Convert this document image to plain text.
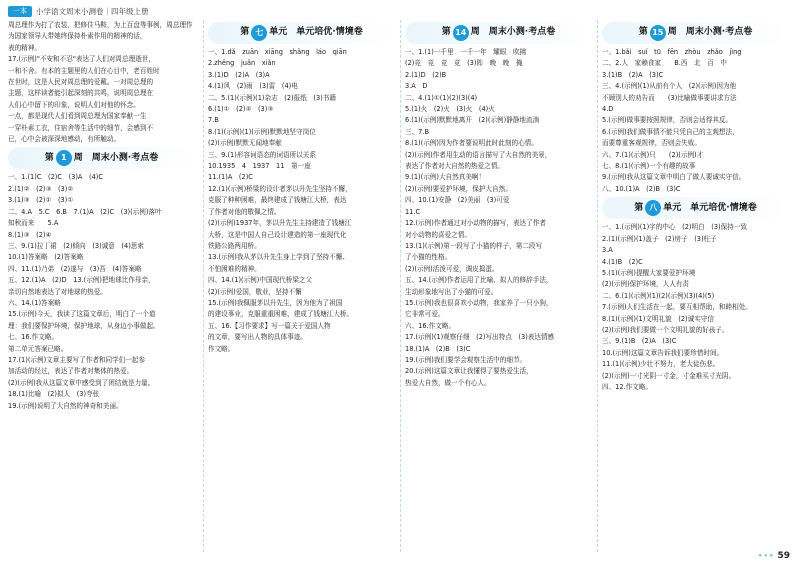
一本	小学语文周末小测卷｜四年级上册

周总理作为打了农装，把修住马鞍，为上百盘等事例，周总理作为国家领导人带她终保持朴素作用的精神的话，

表的精神。

17.(示例)"不安和不忍"表达了人们对周总理逝世，

一和不舍。有本的主题里的人们在心目中，老百姓时

在世时，这是人民对周总理的爱戴。一对周总理的

主题，这样读者能引起深刻的共鸣，说明周总理在

人们心中留下的印象，说明人们对他的怀念。

一点，都是现代人们看到周总理为国家奉献一生

一穿朴素工衣，住宿舍等生活中的细节，会感到不

已，心中会被深深地感动，有所触动。

第 1 周　周末小测·考点卷

一、1.(1)C　(2)C　(3)A　(4)C

2.(1)②　(2)③　(3)②

3.(1)③　(2)①　(3)①

二、4.A　5.C　6.B　7.(1)A　(2)C　(3)(示例)落叶

知秋而来　　5.A

8.(1)③　(2)④

三、9.(1)拉丁裙　(2)倾向　(3)诚意　(4)思索

10.(1)答案略　(2)答案略

四、11.(1)乃弟　(2)遂与　(3)吾　(4)答案略

五、12.(1)A　(2)D　13.(示例)把地球比作母亲，

亲切自然地表达了对地球的热爱。

六、14.(1)答案略

15.(示例)今天，我读了这篇文章后，明白了一个道

理：我们要保护环境，保护地球，从身边小事做起。

七、16.作文略。

第二单元答案已略。

17.(1)(示例)文章主要写了作者和同学们一起参

加活动的经过，表达了作者对集体的热爱。

(2)(示例)我从这篇文章中感受到了团结就是力量。

18.(1)比喻　(2)拟人　(3)夸张

19.(示例)说明了大自然的神奇和美丽。

第 七 单元　单元培优·情境卷

一、1.dǎ　zuān　xiāng　shǎng　láo　qiān

2.zhěng　juǎn　xiǎn

3.(1)D　(2)A　(3)A

4.(1)风　(2)雨　(3)雷　(4)电

二、5.(1)(示例)(1)杂志　(2)报纸　(3)书籍

6.(1)①　(2)②　(3)③

7.B

8.(1)(示例)(1)(示例)默默地坚守岗位

(2)(示例)默默无闻地奉献

三、9.(1)形容词语态的词语所以关系

10.1935　4　1937　11　第一座

11.(1)A　(2)C

12.(1)(示例)桥梁的设计者茅以升先生坚持不懈，

克服了种种困难，最终建成了钱塘江大桥，表达

了作者对他的敬佩之情。

(2)(示例)1937年，茅以升先生主持建造了钱塘江

大桥，这是中国人自己设计建造的第一座现代化

铁路公路两用桥。

13.(示例)我从茅以升先生身上学到了坚持不懈、

不怕困难的精神。

四、14.(1)(示例)中国现代桥梁之父

(2)(示例)爱国，敬业，坚持不懈

15.(示例)我佩服茅以升先生，因为他为了祖国

的建设事业，克服重重困难，建成了钱塘江大桥。

五、16.【习作要求】写一篇关于爱国人物

的文章，要写出人物的具体事迹。

作文略。

第 14 周　周末小测·考点卷

一、1.(1)一千里　一千一年　耀眼　吹拂

(2)竞　竞　竞　竞　(3)阵　晚　晚　掩

2.(1)D　(2)B

3.A　D

二、4.(1)①(1)(2)(3)(4)

5.(1)火　(2)火　(3)火　(4)火

6.(1)(示例)默默地离开　(2)(示例)静静地流淌

三、7.B

8.(1)(示例)因为作者要说明此时此刻的心情。

(2)(示例)作者用生动的语言描写了大自然的美景，

表达了作者对大自然的热爱之情。

9.(1)(示例)大自然真美啊！

(2)(示例)要爱护环境，保护大自然。

四、10.(1)安静　(2)美丽　(3)可爱

11.C

12.(示例)作者通过对小动物的描写，表达了作者

对小动物的喜爱之情。

13.(1)(示例)第一段写了小猫的样子，第二段写

了小猫的性格。

(2)(示例)活泼可爱，调皮捣蛋。

五、14.(示例)作者运用了比喻、拟人的修辞手法，

生动形象地写出了小猫的可爱。

15.(示例)我也很喜欢小动物，我家养了一只小狗，

它非常可爱。

六、16.作文略。

17.(示例)(1)观察仔细　(2)写出特点　(3)表达情感

18.(1)A　(2)B　(3)C

19.(示例)我们要学会观察生活中的细节。

20.(示例)这篇文章让我懂得了要热爱生活，

热爱大自然，做一个有心人。

第 15 周　周末小测·考点卷

一、1.bǎi　suí　tū　fēn　zhòu　zhǎo　jìng

二、2.人　家赖食家　　B.西　北　百　中

3.(1)B　(2)A　(3)C

三、4.(示例)(1)从前有个人　(2)(示例)因为他

不顾别人的劝告而　　(3)比喻做事要讲求方法

4.D

5.(示例)做事要按照规律，否则会适得其反。

6.(示例)我们做事情不能只凭自己的主观想法，

而要尊重客观规律，否则会失败。

六、7.(1)(示例)只　　(2)(示例)才

七、8.(1)(示例)一个有趣的故事

9.(示例)我从这篇文章中明白了做人要诚实守信。

八、10.(1)A　(2)B　(3)C

第 八 单元　单元培优·情境卷

一、1.(示例)(1)字的中心　(2)明白　(3)保持一致

2.(1)(示例)(1)盖子　(2)房子　(3)柱子

3.A

4.(1)B　(2)C

5.(1)(示例)提醒大家要爱护环境

(2)(示例)保护环境，人人有责

二、6.(1)(示例)(1)(2)(示例)(3)(4)(5)

7.(示例)人们生活在一起，要互相帮助，和睦相处。

8.(1)(示例)(1)文明礼貌　(2)诚实守信

(2)(示例)我们要做一个文明礼貌的好孩子。

三、9.(1)B　(2)A　(3)C

10.(示例)这篇文章告诉我们要珍惜时间。

11.(1)(示例)少壮不努力，老大徒伤悲。

(2)(示例)一寸光阴一寸金，寸金难买寸光阴。

四、12.作文略。

••• 59
